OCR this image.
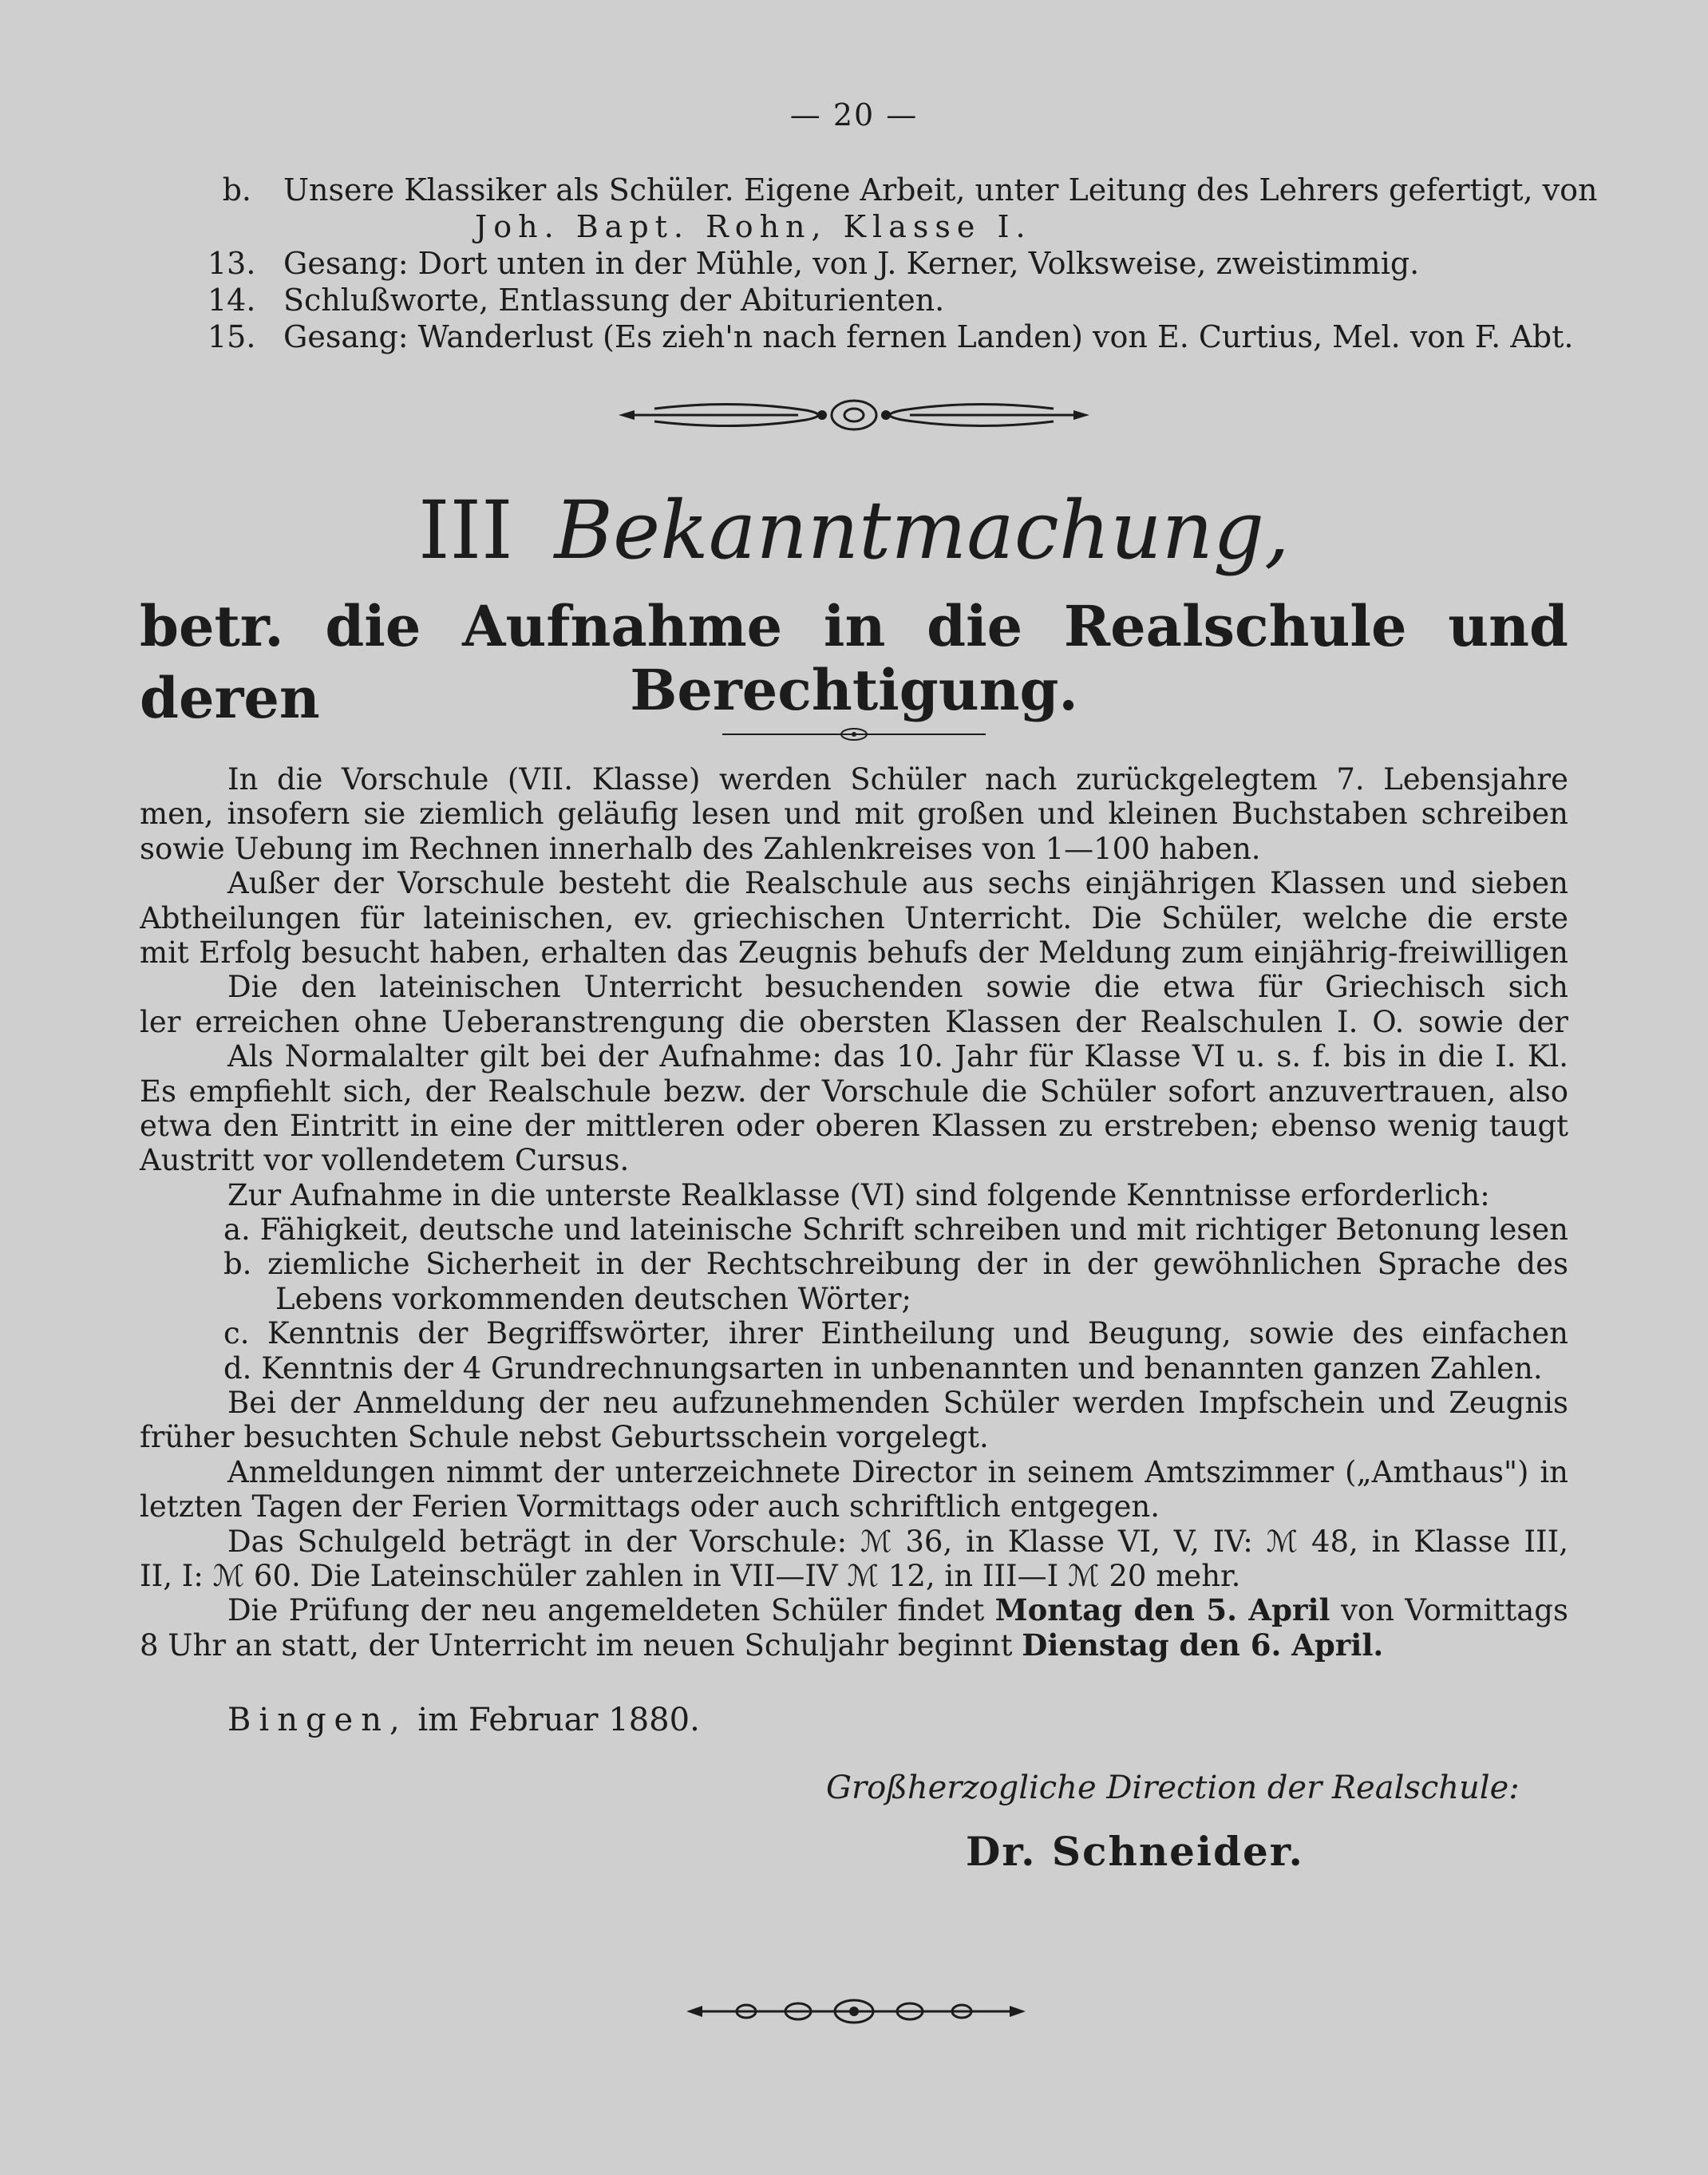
— 20 —
b. Unsere Klassiker als Schüler. Eigene Arbeit, unter Leitung des Lehrers gefertigt, von
Joh. Bapt. Rohn, Klasse I.
13. Gesang: Dort unten in der Mühle, von J. Kerner, Volksweise, zweistimmig.
14. Schlußworte, Entlassung der Abiturienten.
15. Gesang: Wanderlust (Es zieh'n nach fernen Landen) von E. Curtius, Mel. von F. Abt.
III Bekanntmachung,
betr. die Aufnahme in die Realschule und deren	Berechtigung.
In die Vorschule (VII. Klasse) werden Schüler nach zurückgelegtem 7. Lebensjahre
men, insofern sie ziemlich geläufig lesen und mit großen und kleinen Buchstaben schreiben
sowie Uebung im Rechnen innerhalb des Zahlenkreises von 1—100 haben.
Außer der Vorschule besteht die Realschule aus sechs einjährigen Klassen und sieben
Abtheilungen für lateinischen, ev. griechischen Unterricht. Die Schüler, welche die erste
mit Erfolg besucht haben, erhalten das Zeugnis behufs der Meldung zum einjährig-freiwilligen
Die den lateinischen Unterricht besuchenden sowie die etwa für Griechisch sich
ler erreichen ohne Ueberanstrengung die obersten Klassen der Realschulen I. O. sowie der
Als Normalalter gilt bei der Aufnahme: das 10. Jahr für Klasse VI u. s. f. bis in die I. Kl.
Es empfiehlt sich, der Realschule bezw. der Vorschule die Schüler sofort anzuvertrauen, also
etwa den Eintritt in eine der mittleren oder oberen Klassen zu erstreben; ebenso wenig taugt
Austritt vor vollendetem Cursus.
Zur Aufnahme in die unterste Realklasse (VI) sind folgende Kenntnisse erforderlich:
a. Fähigkeit, deutsche und lateinische Schrift schreiben und mit richtiger Betonung lesen
b. ziemliche Sicherheit in der Rechtschreibung der in der gewöhnlichen Sprache des
Lebens vorkommenden deutschen Wörter;
c. Kenntnis der Begriffswörter, ihrer Eintheilung und Beugung, sowie des einfachen
d. Kenntnis der 4 Grundrechnungsarten in unbenannten und benannten ganzen Zahlen.
Bei der Anmeldung der neu aufzunehmenden Schüler werden Impfschein und Zeugnis
früher besuchten Schule nebst Geburtsschein vorgelegt.
Anmeldungen nimmt der unterzeichnete Director in seinem Amtszimmer („Amthaus") in
letzten Tagen der Ferien Vormittags oder auch schriftlich entgegen.
Das Schulgeld beträgt in der Vorschule: ℳ 36, in Klasse VI, V, IV: ℳ 48, in Klasse III,
II, I: ℳ 60. Die Lateinschüler zahlen in VII—IV ℳ 12, in III—I ℳ 20 mehr.
Die Prüfung der neu angemeldeten Schüler findet Montag den 5. April von Vormittags
8 Uhr an statt, der Unterricht im neuen Schuljahr beginnt Dienstag den 6. April.
Bingen, im Februar 1880.
Großherzogliche Direction der Realschule:
Dr. Schneider.
